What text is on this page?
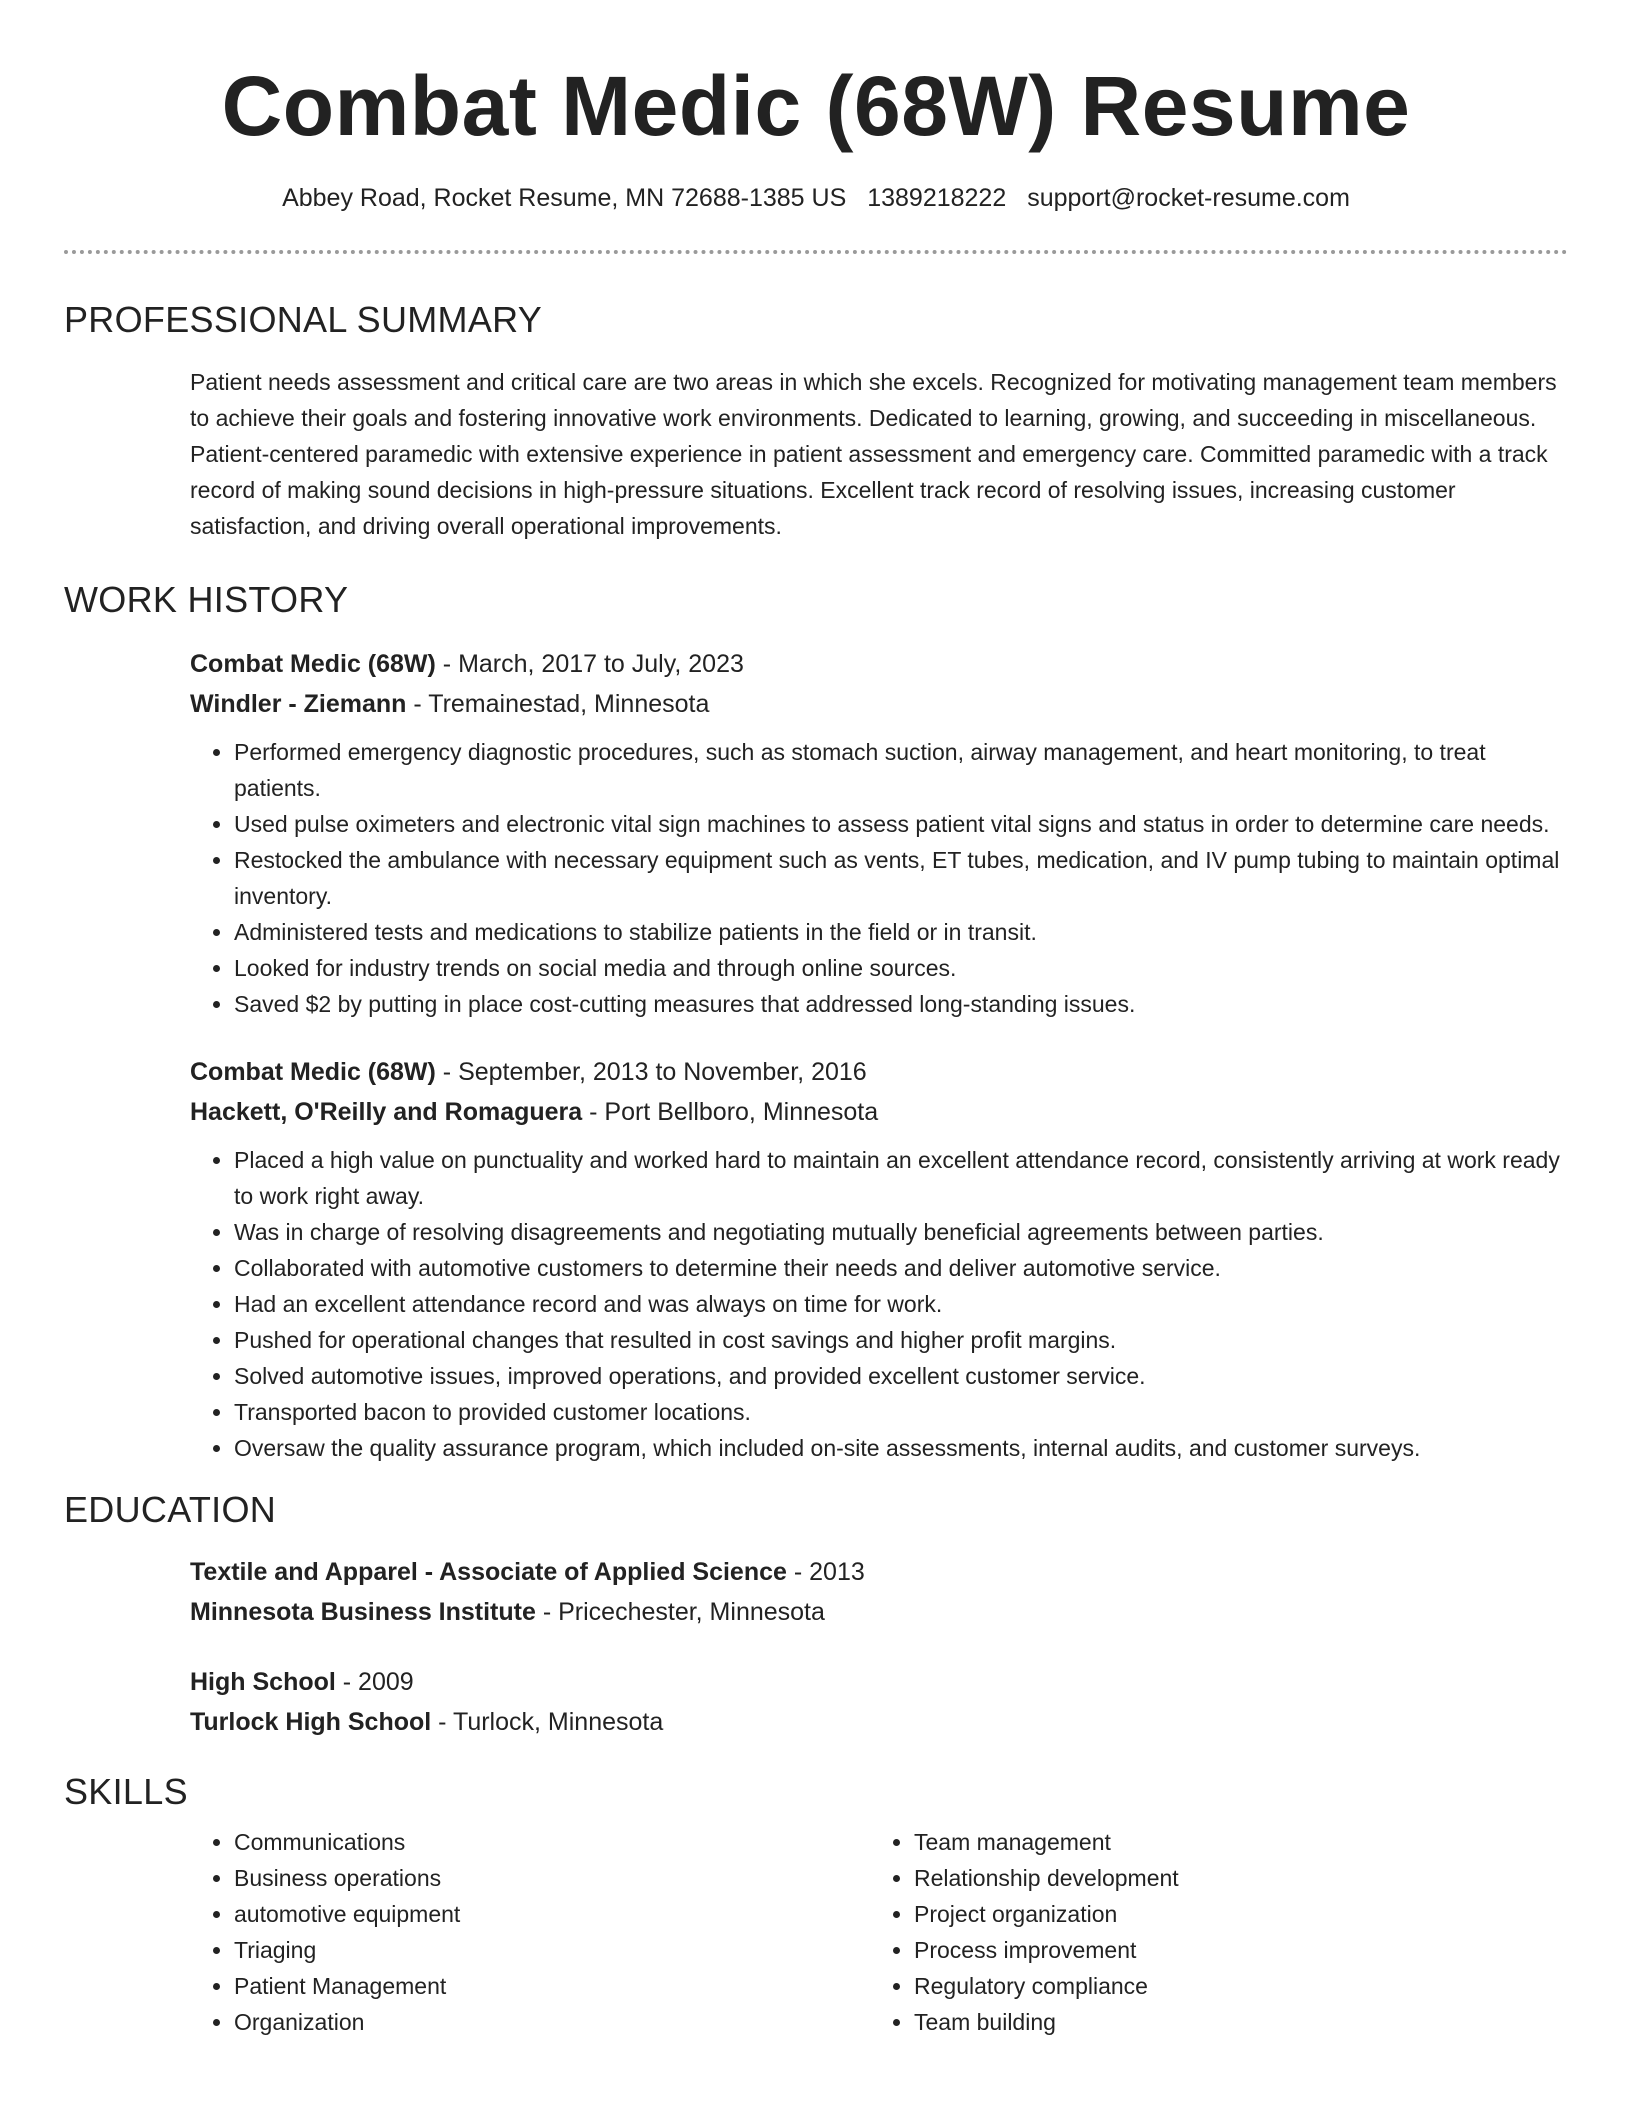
Combat Medic (68W) Resume
Abbey Road, Rocket Resume, MN 72688-1385 US 1389218222 support@rocket-resume.com
PROFESSIONAL SUMMARY
Patient needs assessment and critical care are two areas in which she excels. Recognized for motivating management team members to achieve their goals and fostering innovative work environments. Dedicated to learning, growing, and succeeding in miscellaneous. Patient-centered paramedic with extensive experience in patient assessment and emergency care. Committed paramedic with a track record of making sound decisions in high-pressure situations. Excellent track record of resolving issues, increasing customer satisfaction, and driving overall operational improvements.
WORK HISTORY
Combat Medic (68W) - March, 2017 to July, 2023
Windler - Ziemann - Tremainestad, Minnesota
• Performed emergency diagnostic procedures, such as stomach suction, airway management, and heart monitoring, to treat patients.
• Used pulse oximeters and electronic vital sign machines to assess patient vital signs and status in order to determine care needs.
• Restocked the ambulance with necessary equipment such as vents, ET tubes, medication, and IV pump tubing to maintain optimal inventory.
• Administered tests and medications to stabilize patients in the field or in transit.
• Looked for industry trends on social media and through online sources.
• Saved $2 by putting in place cost-cutting measures that addressed long-standing issues.
Combat Medic (68W) - September, 2013 to November, 2016
Hackett, O'Reilly and Romaguera - Port Bellboro, Minnesota
• Placed a high value on punctuality and worked hard to maintain an excellent attendance record, consistently arriving at work ready to work right away.
• Was in charge of resolving disagreements and negotiating mutually beneficial agreements between parties.
• Collaborated with automotive customers to determine their needs and deliver automotive service.
• Had an excellent attendance record and was always on time for work.
• Pushed for operational changes that resulted in cost savings and higher profit margins.
• Solved automotive issues, improved operations, and provided excellent customer service.
• Transported bacon to provided customer locations.
• Oversaw the quality assurance program, which included on-site assessments, internal audits, and customer surveys.
EDUCATION
Textile and Apparel - Associate of Applied Science - 2013
Minnesota Business Institute - Pricechester, Minnesota
High School - 2009
Turlock High School - Turlock, Minnesota
SKILLS
• Communications
• Business operations
• automotive equipment
• Triaging
• Patient Management
• Organization
• Team management
• Relationship development
• Project organization
• Process improvement
• Regulatory compliance
• Team building
